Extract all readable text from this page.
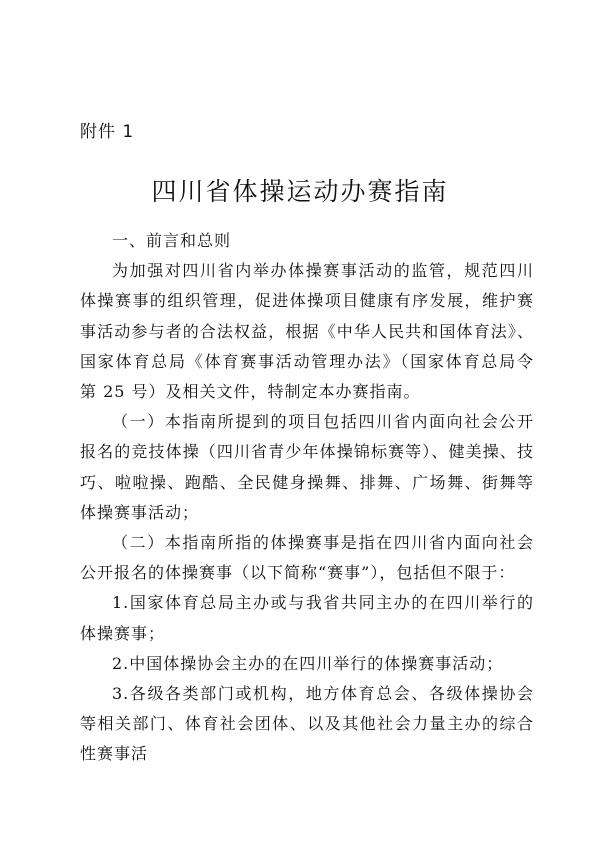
附件 1
四川省体操运动办赛指南

一、前言和总则

为加强对四川省内举办体操赛事活动的监管，规范四川体操赛事的组织管理，促进体操项目健康有序发展，维护赛事活动参与者的合法权益，根据《中华人民共和国体育法》、国家体育总局《体育赛事活动管理办法》（国家体育总局令 第 25 号）及相关文件，特制定本办赛指南。

（一）本指南所提到的项目包括四川省内面向社会公开报名的竞技体操（四川省青少年体操锦标赛等）、健美操、技巧、啦啦操、跑酷、全民健身操舞、排舞、广场舞、街舞等体操赛事活动；

（二）本指南所指的体操赛事是指在四川省内面向社会公开报名的体操赛事（以下简称“赛事”），包括但不限于：

1.国家体育总局主办或与我省共同主办的在四川举行的体操赛事；

2.中国体操协会主办的在四川举行的体操赛事活动；

3.各级各类部门或机构，地方体育总会、各级体操协会等相关部门、体育社会团体、以及其他社会力量主办的综合性赛事活
